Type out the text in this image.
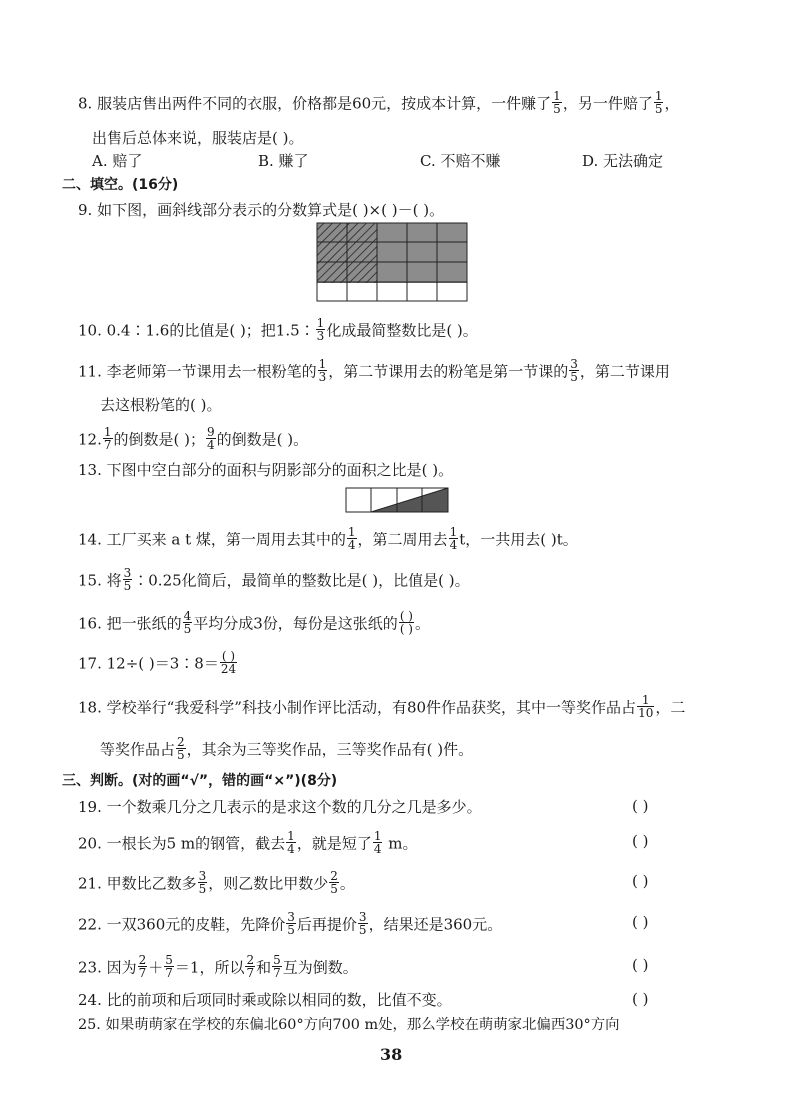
8. 服装店售出两件不同的衣服，价格都是60元，按成本计算，一件赚了 $\frac{1}{5}$ ，另一件赔了 $\frac{1}{5}$ ，
出售后总体来说，服装店是( )。
A. 赔了	B. 赚了	C. 不赔不赚	D. 无法确定
二、填空。(16分)
9. 如下图，画斜线部分表示的分数算式是( )×( )－( )。
10. 0.4∶1.6的比值是( )；把1.5∶ $\frac{1}{3}$ 化成最简整数比是( )。
11. 李老师第一节课用去一根粉笔的 $\frac{1}{3}$ ，第二节课用去的粉笔是第一节课的 $\frac{3}{5}$ ，第二节课用
去这根粉笔的( )。
12. $\frac{1}{7}$ 的倒数是( )； $\frac{9}{4}$ 的倒数是( )。
13. 下图中空白部分的面积与阴影部分的面积之比是( )。
14. 工厂买来 a t 煤，第一周用去其中的 $\frac{1}{4}$ ，第二周用去 $\frac{1}{4}$ t，一共用去( )t。
15. 将 $\frac{3}{5}$ ∶0.25化简后，最简单的整数比是( )，比值是( )。
16. 把一张纸的 $\frac{4}{5}$ 平均分成3份，每份是这张纸的 $\frac{( )}{( )}$ 。
17. 12÷( )＝3∶8＝ $\frac{( )}{24}$
18. 学校举行“我爱科学”科技小制作评比活动，有80件作品获奖，其中一等奖作品占 $\frac{1}{10}$ ，二
等奖作品占 $\frac{2}{5}$ ，其余为三等奖作品，三等奖作品有( )件。
三、判断。(对的画“√”，错的画“×”)(8分)
19. 一个数乘几分之几表示的是求这个数的几分之几是多少。	( )
20. 一根长为5 m的钢管，截去 $\frac{1}{4}$ ，就是短了 $\frac{1}{4}$ m。	( )
21. 甲数比乙数多 $\frac{3}{5}$ ，则乙数比甲数少 $\frac{2}{5}$ 。	( )
22. 一双360元的皮鞋，先降价 $\frac{3}{5}$ 后再提价 $\frac{3}{5}$ ，结果还是360元。	( )
23. 因为 $\frac{2}{7} + \frac{5}{7} =1$，所以 $\frac{2}{7}$ 和 $\frac{5}{7}$ 互为倒数。	( )
24. 比的前项和后项同时乘或除以相同的数，比值不变。	( )
25. 如果萌萌家在学校的东偏北60°方向700 m处，那么学校在萌萌家北偏西30°方向
38
